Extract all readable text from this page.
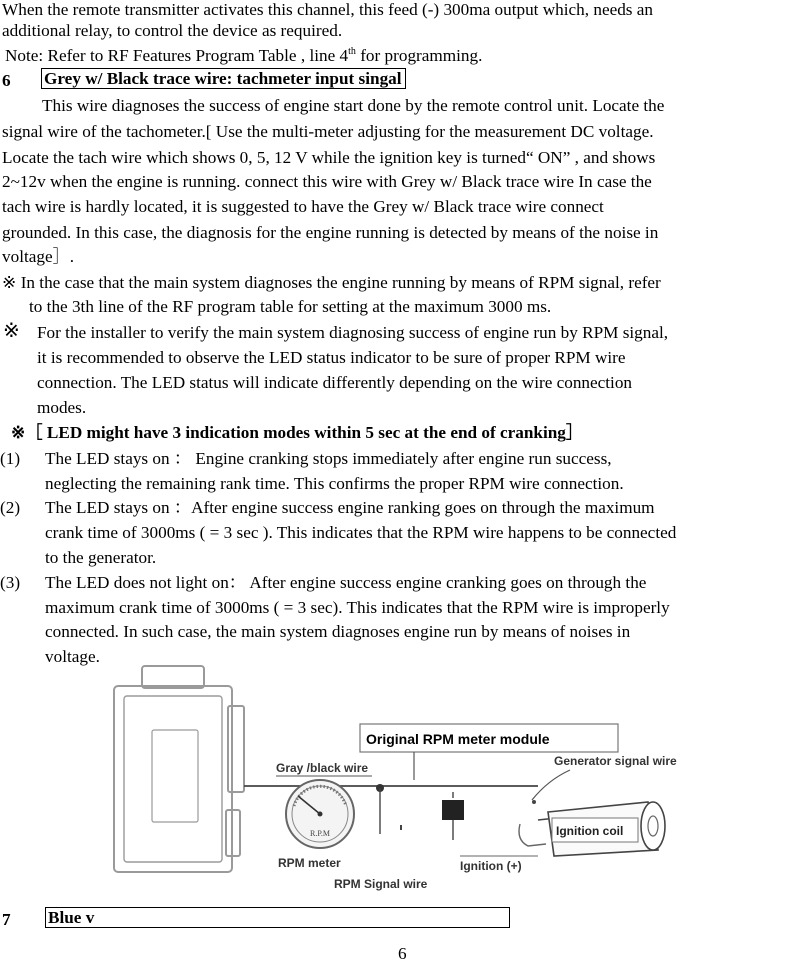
When the remote transmitter activates this channel, this feed (-) 300ma output which, needs an
additional relay, to control the device as required.
Note: Refer to RF Features Program Table , line 4th for programming.
6 Grey w/ Black trace wire: tachmeter input singal
This wire diagnoses the success of engine start done by the remote control unit. Locate the
signal wire of the tachometer.[ Use the multi-meter adjusting for the measurement DC voltage.
Locate the tach wire which shows 0, 5, 12 V while the ignition key is turned“ ON” , and shows
2~12v when the engine is running. connect this wire with Grey w/ Black trace wire In case the
tach wire is hardly located, it is suggested to have the Grey w/ Black trace wire connect
grounded. In this case, the diagnosis for the engine running is detected by means of the noise in
voltage］.
※ In the case that the main system diagnoses the engine running by means of RPM signal, refer
to the 3th line of the RF program table for setting at the maximum 3000 ms.
※ For the installer to verify the main system diagnosing success of engine run by RPM signal,
it is recommended to observe the LED status indicator to be sure of proper RPM wire
connection. The LED status will indicate differently depending on the wire connection
modes.
※［ LED might have 3 indication modes within 5 sec at the end of cranking］
(1) The LED stays on ： Engine cranking stops immediately after engine run success,
neglecting the remaining rank time. This confirms the proper RPM wire connection.
(2) The LED stays on ：After engine success engine ranking goes on through the maximum
crank time of 3000ms ( = 3 sec ). This indicates that the RPM wire happens to be connected
to the generator.
(3) The LED does not light on： After engine success engine cranking goes on through the
maximum crank time of 3000ms ( = 3 sec). This indicates that the RPM wire is improperly
connected. In such case, the main system diagnoses engine run by means of noises in
voltage.
Original RPM meter module
Gray /black wire
R.P.M
RPM meter
RPM Signal wire
Ignition (+)
Generator signal wire
Ignition coil
7 Blue v
6
